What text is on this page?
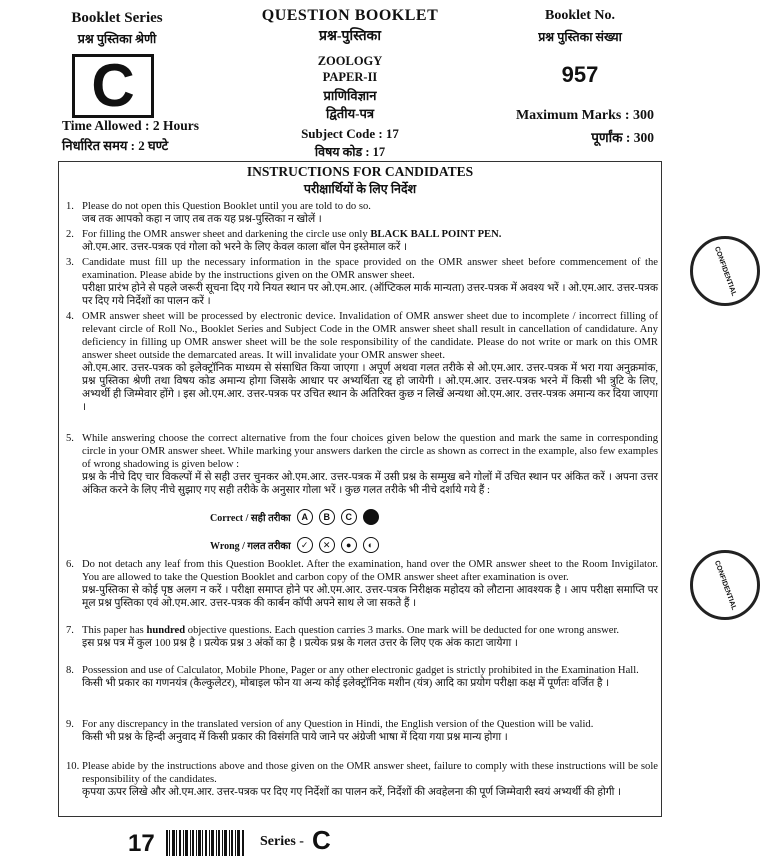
Booklet Series
प्रश्न पुस्तिका श्रेणी
C
Time Allowed : 2 Hours
निर्धारित समय : 2 घण्टे
QUESTION BOOKLET
प्रश्न-पुस्तिका
ZOOLOGY
PAPER-II
प्राणिविज्ञान
द्वितीय-पत्र
Subject Code : 17
विषय कोड : 17
Booklet No.
प्रश्न पुस्तिका संख्या
957
Maximum Marks : 300
पूर्णांक : 300
INSTRUCTIONS FOR CANDIDATES
परीक्षार्थियों के लिए निर्देश
1. Please do not open this Question Booklet until you are told to do so.
जब तक आपको कहा न जाए तब तक यह प्रश्न-पुस्तिका न खोलें ।
2. For filling the OMR answer sheet and darkening the circle use only BLACK BALL POINT PEN.
ओ.एम.आर. उत्तर-पत्रक एवं गोला को भरने के लिए केवल काला बॉल पेन इस्तेमाल करें ।
3. Candidate must fill up the necessary information in the space provided on the OMR answer sheet before commencement of the examination. Please abide by the instructions given on the OMR answer sheet.
परीक्षा प्रारंभ होने से पहले जरूरी सूचना दिए गये नियत स्थान पर ओ.एम.आर. (ऑप्टिकल मार्क मान्यता) उत्तर-पत्रक में अवश्य भरें । ओ.एम.आर. उत्तर-पत्रक पर दिए गये निर्देशों का पालन करें ।
4. OMR answer sheet will be processed by electronic device. Invalidation of OMR answer sheet due to incomplete / incorrect filling of relevant circle of Roll No., Booklet Series and Subject Code in the OMR answer sheet shall result in cancellation of candidature. Any deficiency in filling up OMR answer sheet will be the sole responsibility of the candidate. Please do not write or mark on this OMR answer sheet outside the demarcated areas. It will invalidate your OMR answer sheet.
ओ.एम.आर. उत्तर-पत्रक को इलेक्ट्रॉनिक माध्यम से संसाधित किया जाएगा । अपूर्ण अथवा गलत तरीके से ओ.एम.आर. उत्तर-पत्रक में भरा गया अनुक्रमांक, प्रश्न पुस्तिका श्रेणी तथा विषय कोड अमान्य होगा जिसके आधार पर अभ्यर्थिता रद्द हो जायेगी । ओ.एम.आर. उत्तर-पत्रक भरने में किसी भी त्रुटि के लिए, अभ्यर्थी ही जिम्मेवार होंगे । इस ओ.एम.आर. उत्तर-पत्रक पर उचित स्थान के अतिरिक्त कुछ न लिखें अन्यथा ओ.एम.आर. उत्तर-पत्रक अमान्य कर दिया जाएगा ।
5. While answering choose the correct alternative from the four choices given below the question and mark the same in corresponding circle in your OMR answer sheet. While marking your answers darken the circle as shown as correct in the example, also few examples of wrong shadowing is given below :
प्रश्न के नीचे दिए चार विकल्पों में से सही उत्तर चुनकर ओ.एम.आर. उत्तर-पत्रक में उसी प्रश्न के सम्मुख बने गोलों में उचित स्थान पर अंकित करें । अपना उत्तर अंकित करने के लिए नीचे सुझाए गए सही तरीके के अनुसार गोला भरें । कुछ गलत तरीके भी नीचे दर्शाये गये हैं :
Correct / सही तरीका	A	B	C
Wrong / गलत तरीका	✓	✕	●	◐
6. Do not detach any leaf from this Question Booklet. After the examination, hand over the OMR answer sheet to the Room Invigilator. You are allowed to take the Question Booklet and carbon copy of the OMR answer sheet after examination is over.
प्रश्न-पुस्तिका से कोई पृष्ठ अलग न करें । परीक्षा समाप्त होने पर ओ.एम.आर. उत्तर-पत्रक निरीक्षक महोदय को लौटाना आवश्यक है । आप परीक्षा समाप्ति पर मूल प्रश्न पुस्तिका एवं ओ.एम.आर. उत्तर-पत्रक की कार्बन कॉपी अपने साथ ले जा सकते हैं ।
7. This paper has hundred objective questions. Each question carries 3 marks. One mark will be deducted for one wrong answer.
इस प्रश्न पत्र में कुल 100 प्रश्न है । प्रत्येक प्रश्न 3 अंकों का है । प्रत्येक प्रश्न के गलत उत्तर के लिए एक अंक काटा जायेगा ।
8. Possession and use of Calculator, Mobile Phone, Pager or any other electronic gadget is strictly prohibited in the Examination Hall.
किसी भी प्रकार का गणनयंत्र (कैल्कुलेटर), मोबाइल फोन या अन्य कोई इलेक्ट्रॉनिक मशीन (यंत्र) आदि का प्रयोग परीक्षा कक्ष में पूर्णतः वर्जित है ।
9. For any discrepancy in the translated version of any Question in Hindi, the English version of the Question will be valid.
किसी भी प्रश्न के हिन्दी अनुवाद में किसी प्रकार की विसंगति पाये जाने पर अंग्रेजी भाषा में दिया गया प्रश्न मान्य होगा ।
10. Please abide by the instructions above and those given on the OMR answer sheet, failure to comply with these instructions will be sole responsibility of the candidates.
कृपया ऊपर लिखे और ओ.एम.आर. उत्तर-पत्रक पर दिए गए निर्देशों का पालन करें, निर्देशों की अवहेलना की पूर्ण जिम्मेवारी स्वयं अभ्यर्थी की होगी ।
17	Series - C
CONFIDENTIAL
CONFIDENTIAL
